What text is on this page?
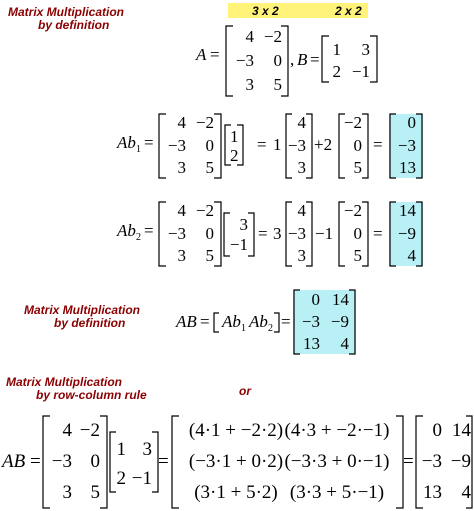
Matrix Multiplication
by definition
3 x 2	2 x 2
A =
4 −2
−3 0
3 5
, B =
1 3
2 −1
Ab 1 =
4 −2
−3 0
3 5
1
2
= 1
4
−3
3
+2
−2
0
5
=
0
−3
13
Ab 2 =
4 −2
−3 0
3 5
3
−1
= 3
4
−3
3
−1
−2
0
5
=
14
−9
4
Matrix Multiplication
by definition	AB = Ab 1 Ab 2 =
0 14
−3 −9
13 4
Matrix Multiplication
by row-column rule	or
AB =
4 −2
−3 0
3 5
1 3
2 −1
=
(4·1 + −2·2) (4·3 + −2·−1)
(−3·1 + 0·2) (−3·3 + 0·−1)
(3·1 + 5·2) (3·3 + 5·−1)
=
0 14
−3 −9
13 4
